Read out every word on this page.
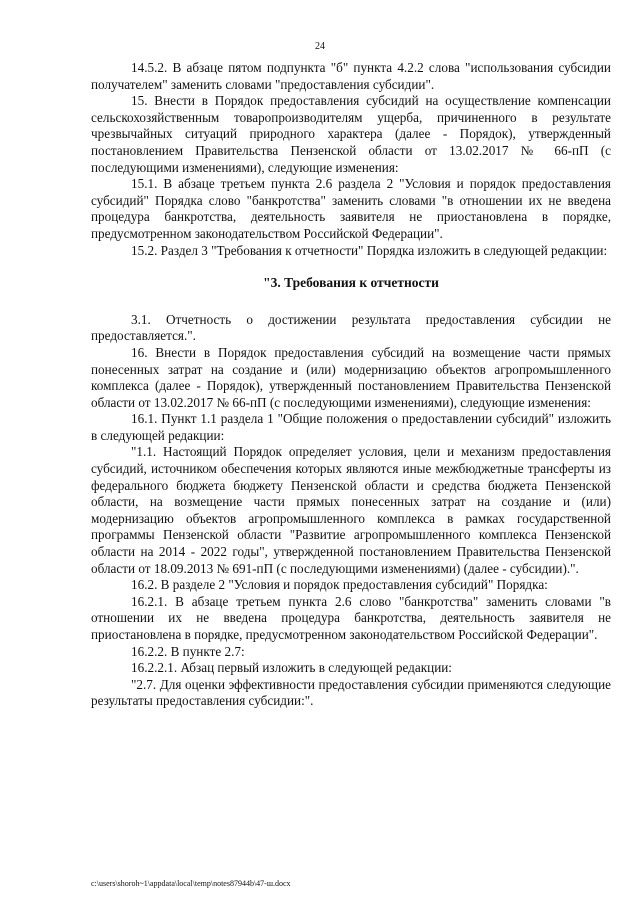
24

14.5.2. В абзаце пятом подпункта "б" пункта 4.2.2 слова "использования субсидии получателем" заменить словами "предоставления субсидии".

15. Внести в Порядок предоставления субсидий на осуществление компенсации сельскохозяйственным товаропроизводителям ущерба, причиненного в результате чрезвычайных ситуаций природного характера (далее - Порядок), утвержденный постановлением Правительства Пензенской области от 13.02.2017 № 66-пП (с последующими изменениями), следующие изменения:

15.1. В абзаце третьем пункта 2.6 раздела 2 "Условия и порядок предоставления субсидий" Порядка слово "банкротства" заменить словами "в отношении их не введена процедура банкротства, деятельность заявителя не приостановлена в порядке, предусмотренном законодательством Российской Федерации".

15.2. Раздел 3 "Требования к отчетности" Порядка изложить в следующей редакции:

"3. Требования к отчетности

3.1. Отчетность о достижении результата предоставления субсидии не предоставляется.".

16. Внести в Порядок предоставления субсидий на возмещение части прямых понесенных затрат на создание и (или) модернизацию объектов агропромышленного комплекса (далее - Порядок), утвержденный постановлением Правительства Пензенской области от 13.02.2017 № 66-пП (с последующими изменениями), следующие изменения:

16.1. Пункт 1.1 раздела 1 "Общие положения о предоставлении субсидий" изложить в следующей редакции:

"1.1. Настоящий Порядок определяет условия, цели и механизм предоставления субсидий, источником обеспечения которых являются иные межбюджетные трансферты из федерального бюджета бюджету Пензенской области и средства бюджета Пензенской области, на возмещение части прямых понесенных затрат на создание и (или) модернизацию объектов агропромышленного комплекса в рамках государственной программы Пензенской области "Развитие агропромышленного комплекса Пензенской области на 2014 - 2022 годы", утвержденной постановлением Правительства Пензенской области от 18.09.2013 № 691-пП (с последующими изменениями) (далее - субсидии).".

16.2. В разделе 2 "Условия и порядок предоставления субсидий" Порядка:

16.2.1. В абзаце третьем пункта 2.6 слово "банкротства" заменить словами "в отношении их не введена процедура банкротства, деятельность заявителя не приостановлена в порядке, предусмотренном законодательством Российской Федерации".

16.2.2. В пункте 2.7:

16.2.2.1. Абзац первый изложить в следующей редакции:

"2.7. Для оценки эффективности предоставления субсидии применяются следующие результаты предоставления субсидии:".

c:\users\shoroh~1\appdata\local\temp\notes87944b\47-ш.docx
